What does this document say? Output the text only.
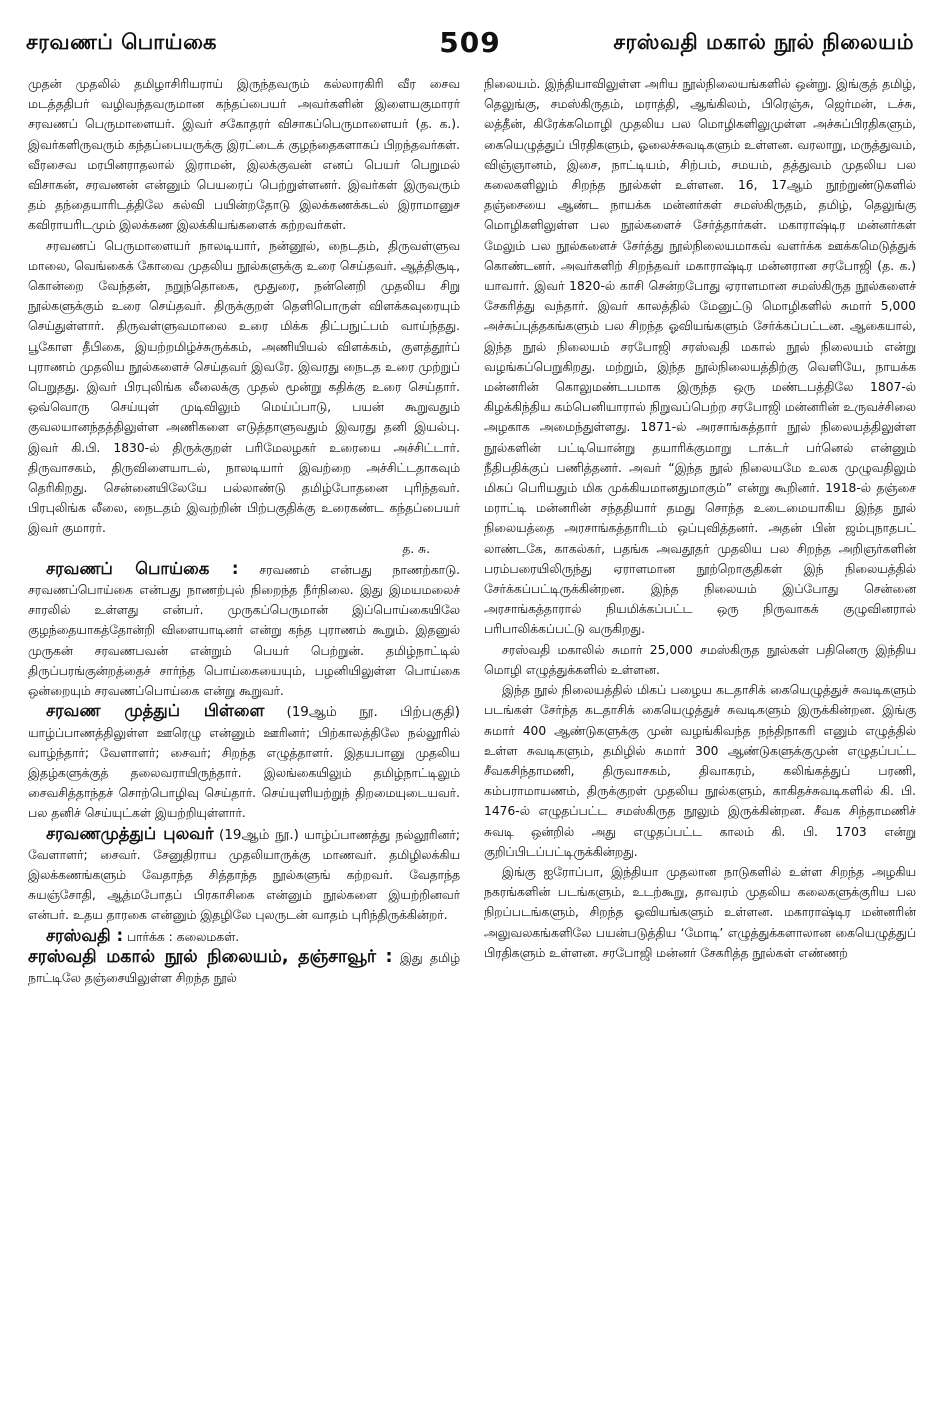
சரவணப் பொய்கை	509	சரஸ்வதி மகால் நூல் நிலையம்

முதன் முதலில் தமிழாசிரியராய் இருந்தவரும் கல்லாரகிரி வீர சைவ மடத்ததிபர் வழிவந்தவருமான கந்தப்பையர் அவர்களின் இளையகுமாரர் சரவணப் பெருமாளையர். இவர் சகோதரர் விசாகப்பெருமாளையர் (த. க.). இவர்களிருவரும் கந்தப்பையருக்கு இரட்டைக் குழந்தைகளாகப் பிறந்தவர்கள். வீரசைவ மரபினராதலால் இராமன், இலக்குவன் எனப் பெயர் பெறுமல் விசாகன், சரவணன் என்னும் பெயரைப் பெற்றுள்ளனர். இவர்கள் இருவரும் தம் தந்தையாரிடத்திலே கல்வி பயின்றதோடு இலக்கணக்கடல் இராமானுச கவிராயரிடமும் இலக்கண இலக்கியங்களைக் கற்றவர்கள்.

சரவணப் பெருமாளையர் நாலடியார், நன்னூல், நைடதம், திருவள்ளுவ மாலை, வெங்கைக் கோவை முதலிய நூல்களுக்கு உரை செய்தவர். ஆத்திசூடி, கொன்றை வேந்தன், நறுந்தொகை, மூதுரை, நன்னெறி முதலிய சிறு நூல்களுக்கும் உரை செய்தவர். திருக்குறள் தெளிபொருள் விளக்கவுரையும் செய்துள்ளார். திருவள்ளுவமாலை உரை மிக்க திட்பநுட்பம் வாய்ந்தது. பூகோள தீபிகை, இயற்றமிழ்ச்சுருக்கம், அணியியல் விளக்கம், குளத்தூர்ப் புராணம் முதலிய நூல்களைச் செய்தவர் இவரே. இவரது நைடத உரை முற்றுப் பெறுதது. இவர் பிரபுலிங்க லீலைக்கு முதல் மூன்று கதிக்கு உரை செய்தார். ஒவ்வொரு செய்யுள் முடிவிலும் மெய்ப்பாடு, பயன் கூறுவதும் குவலயானந்தத்திலுள்ள அணிகளை எடுத்தாளுவதும் இவரது தனி இயல்பு. இவர் கி.பி. 1830-ல் திருக்குறள் பரிமேலழகர் உரையை அச்சிட்டார். திருவாசகம், திருவிளையாடல், நாலடியார் இவற்றை அச்சிட்டதாகவும் தெரிகிறது. சென்னையிலேயே பல்லாண்டு தமிழ்போதனை புரிந்தவர். பிரபுலிங்க லீலை, நைடதம் இவற்றின் பிற்பகுதிக்கு உரைகண்ட கந்தப்பையர் இவர் குமாரர்.

த. சு.

சரவணப் பொய்கை : சரவணம் என்பது நாணற்காடு. சரவணப்பொய்கை என்பது நாணற்புல் நிறைந்த நீர்நிலை. இது இமயமலைச் சாரலில் உள்ளது என்பர். முருகப்பெருமான் இப்பொய்கையிலே குழந்தையாகத்தோன்றி விளையாடினர் என்று கந்த புராணம் கூறும். இதனுல் முருகன் சரவணபவன் என்றும் பெயர் பெற்றுன். தமிழ்நாட்டில் திருப்பரங்குன்றத்தைச் சார்ந்த பொய்கையையும், பழனியிலுள்ள பொய்கை ஒன்றையும் சரவணப்பொய்கை என்று கூறுவர்.

சரவண முத்துப் பிள்ளை (19ஆம் நூ. பிற்பகுதி) யாழ்ப்பாணத்திலுள்ள ஊரெழு என்னும் ஊரினர்; பிற்காலத்திலே நல்லூரில் வாழ்ந்தார்; வேளாளர்; சைவர்; சிறந்த எழுத்தாளர். இதயபானு முதலிய இதழ்களுக்குத் தலைவராயிருந்தார். இலங்கையிலும் தமிழ்நாட்டிலும் சைவசித்தாந்தச் சொற்பொழிவு செய்தார். செய்யுளியற்றுந் திறமையுடையவர். பல தனிச் செய்யுட்கள் இயற்றியுள்ளார்.

சரவணமுத்துப் புலவர் (19ஆம் நூ.) யாழ்ப்பாணத்து நல்லூரினர்; வேளாளர்; சைவர். சேனுதிராய முதலியாருக்கு மாணவர். தமிழிலக்கிய இலக்கணங்களும் வேதாந்த சித்தாந்த நூல்களுங் கற்றவர். வேதாந்த சுயஞ்சோதி, ஆத்மபோதப் பிரகாசிகை என்னும் நூல்களை இயற்றினவர் என்பர். உதய தாரகை என்னும் இதழிலே புலருடன் வாதம் புரிந்திருக்கின்றர்.

சரஸ்வதி : பார்க்க : கலைமகள்.

சரஸ்வதி மகால் நூல் நிலையம், தஞ்சாவூர் : இது தமிழ் நாட்டிலே தஞ்சையிலுள்ள சிறந்த நூல்

நிலையம். இந்தியாவிலுள்ள அரிய நூல்நிலையங்களில் ஒன்று. இங்குத் தமிழ், தெலுங்கு, சமஸ்கிருதம், மராத்தி, ஆங்கிலம், பிரெஞ்சு, ஜெர்மன், டச்சு, லத்தீன், கிரேக்கமொழி முதலிய பல மொழிகளிலுமுள்ள அச்சுப்பிரதிகளும், கையெழுத்துப் பிரதிகளும், ஓலைச்சுவடிகளும் உள்ளன. வரலாறு, மருத்துவம், விஞ்ஞானம், இசை, நாட்டியம், சிற்பம், சமயம், தத்துவம் முதலிய பல கலைகளிலும் சிறந்த நூல்கள் உள்ளன. 16, 17ஆம் நூற்றுண்டுகளில் தஞ்சையை ஆண்ட நாயக்க மன்னர்கள் சமஸ்கிருதம், தமிழ், தெலுங்கு மொழிகளிலுள்ள பல நூல்களைச் சேர்த்தார்கள். மகாராஷ்டிர மன்னர்கள் மேலும் பல நூல்களைச் சேர்த்து நூல்நிலையமாகவ் வளர்க்க ஊக்கமெடுத்துக் கொண்டனர். அவர்களிற் சிறந்தவர் மகாராஷ்டிர மன்னரான சரபோஜி (த. க.) யாவார். இவர் 1820-ல் காசி சென்றபோது ஏராளமான சமஸ்கிருத நூல்களைச் சேகரித்து வந்தார். இவர் காலத்தில் மேனுட்டு மொழிகளில் சுமார் 5,000 அச்சுப்புத்தகங்களும் பல சிறந்த ஓவியங்களும் சேர்க்கப்பட்டன. ஆகையால், இந்த நூல் நிலையம் சரபோஜி சரஸ்வதி மகால் நூல் நிலையம் என்று வழங்கப்பெறுகிறது. மற்றும், இந்த நூல்நிலையத்திற்கு வெளியே, நாயக்க மன்னரின் கொலுமண்டபமாக இருந்த ஒரு மண்டபத்திலே 1807-ல் கிழக்கிந்திய கம்பெனியாரால் நிறுவப்பெற்ற சரபோஜி மன்னரின் உருவச்சிலை அழகாக அமைந்துள்ளது. 1871-ல் அரசாங்கத்தார் நூல் நிலையத்திலுள்ள நூல்களின் பட்டியொன்று தயாரிக்குமாறு டாக்டர் பர்னெல் என்னும் நீதிபதிக்குப் பணித்தனர். அவர் “இந்த நூல் நிலையமே உலக முழுவதிலும் மிகப் பெரியதும் மிக முக்கியமானதுமாகும்” என்று கூறினர். 1918-ல் தஞ்சை மராட்டி மன்னரின் சந்ததியார் தமது சொந்த உடைமையாகிய இந்த நூல் நிலையத்தை அரசாங்கத்தாரிடம் ஒப்புவித்தனர். அதன் பின் ஜம்புநாதபட் லாண்டகே, காகல்கர், பதங்க அவதூதர் முதலிய பல சிறந்த அறிஞர்களின் பரம்பரையிலிருந்து ஏராளமான நூற்றொகுதிகள் இந் நிலையத்தில் சேர்க்கப்பட்டிருக்கின்றன. இந்த நிலையம் இப்போது சென்னை அரசாங்கத்தாரால் நியமிக்கப்பட்ட ஒரு நிருவாகக் குழுவினரால் பரிபாலிக்கப்பட்டு வருகிறது.

சரஸ்வதி மகாலில் சுமார் 25,000 சமஸ்கிருத நூல்கள் பதினெரு இந்திய மொழி எழுத்துக்களில் உள்ளன.

இந்த நூல் நிலையத்தில் மிகப் பழைய கடதாசிக் கையெழுத்துச் சுவடிகளும் படங்கள் சேர்ந்த கடதாசிக் கையெழுத்துச் சுவடிகளும் இருக்கின்றன. இங்கு சுமார் 400 ஆண்டுகளுக்கு முன் வழங்கிவந்த நந்திநாகரி எனும் எழுத்தில் உள்ள சுவடிகளும், தமிழில் சுமார் 300 ஆண்டுகளுக்குமுன் எழுதப்பட்ட சீவகசிந்தாமணி, திருவாசகம், திவாகரம், கலிங்கத்துப் பரணி, கம்பராமாயணம், திருக்குறள் முதலிய நூல்களும், காகிதச்சுவடிகளில் கி. பி. 1476-ல் எழுதப்பட்ட சமஸ்கிருத நூலும் இருக்கின்றன. சீவக சிந்தாமணிச் சுவடி ஒன்றில் அது எழுதப்பட்ட காலம் கி. பி. 1703 என்று குறிப்பிடப்பட்டிருக்கின்றது.

இங்கு ஐரோப்பா, இந்தியா முதலான நாடுகளில் உள்ள சிறந்த அழகிய நகரங்களின் படங்களும், உடற்கூறு, தாவரம் முதலிய கலைகளுக்குரிய பல நிறப்படங்களும், சிறந்த ஓவியங்களும் உள்ளன. மகாராஷ்டிர மன்னரின் அலுவலகங்களிலே பயன்படுத்திய ‘மோடி’ எழுத்துக்களாலான கையெழுத்துப் பிரதிகளும் உள்ளன. சரபோஜி மன்னர் சேகரித்த நூல்கள் எண்ணற்
